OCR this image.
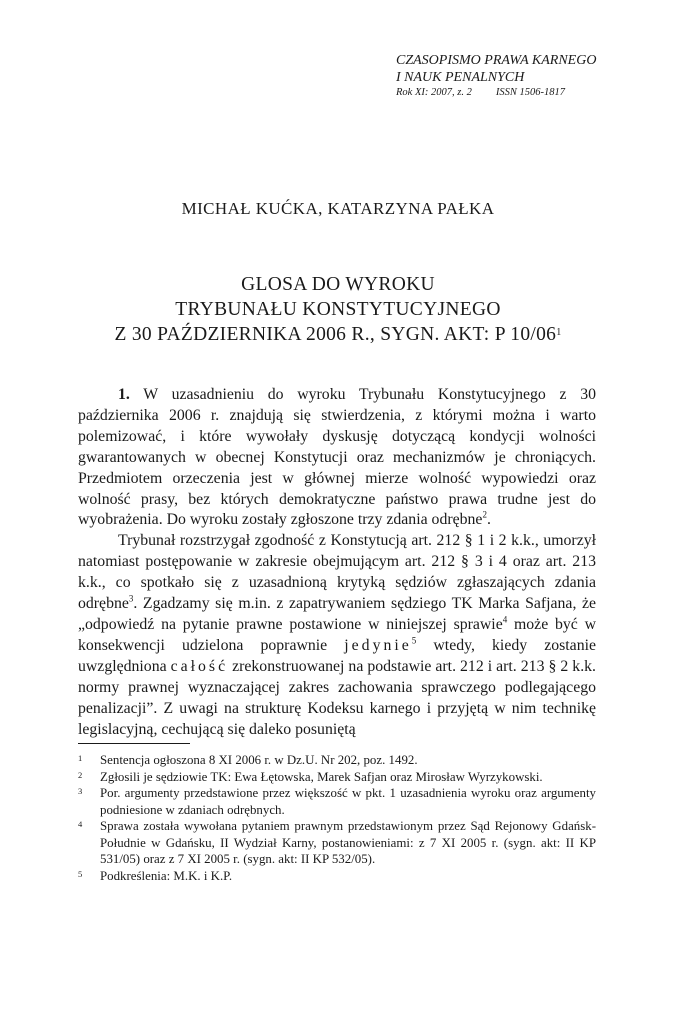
CZASOPISMO PRAWA KARNEGO
I NAUK PENALNYCH
Rok XI: 2007, z. 2 ISSN 1506-1817
MICHAŁ KUĆKA, KATARZYNA PAŁKA
GLOSA DO WYROKU
TRYBUNAŁU KONSTYTUCYJNEGO
Z 30 PAŹDZIERNIKA 2006 R., SYGN. AKT: P $10/06^1$

1. W uzasadnieniu do wyroku Trybunału Konstytucyjnego z 30 października 2006 r. znajdują się stwierdzenia, z którymi można i warto polemizować, i które wywołały dyskusję dotyczącą kondycji wolności gwarantowanych w obecnej Konstytucji oraz mechanizmów je chroniących. Przedmiotem orzeczenia jest w głównej mierze wolność wypowiedzi oraz wolność prasy, bez których demokratyczne państwo prawa trudne jest do wyobrażenia. Do wyroku zostały zgłoszone trzy zdania odrębne$^2$.

Trybunał rozstrzygał zgodność z Konstytucją art. 212 § 1 i 2 k.k., umorzył natomiast postępowanie w zakresie obejmującym art. 212 § 3 i 4 oraz art. 213 k.k., co spotkało się z uzasadnioną krytyką sędziów zgłaszających zdania odrębne$^3$. Zgadzamy się m.in. z zapatrywaniem sędziego TK Marka Safjana, że „odpowiedź na pytanie prawne postawione w niniejszej sprawie$^4$ może być w konsekwencji udzielona poprawnie jedynie$^5$ wtedy, kiedy zostanie uwzględniona całość zrekonstruowanej na podstawie art. 212 i art. 213 § 2 k.k. normy prawnej wyznaczającej zakres zachowania sprawczego podlegającego penalizacji”. Z uwagi na strukturę Kodeksu karnego i przyjętą w nim technikę legislacyjną, cechującą się daleko posuniętą

1 Sentencja ogłoszona 8 XI 2006 r. w Dz.U. Nr 202, poz. 1492.
2 Zgłosili je sędziowie TK: Ewa Łętowska, Marek Safjan oraz Mirosław Wyrzykowski.
3 Por. argumenty przedstawione przez większość w pkt. 1 uzasadnienia wyroku oraz argumenty podniesione w zdaniach odrębnych.
4 Sprawa została wywołana pytaniem prawnym przedstawionym przez Sąd Rejonowy Gdańsk-Południe w Gdańsku, II Wydział Karny, postanowieniami: z 7 XI 2005 r. (sygn. akt: II KP 531/05) oraz z 7 XI 2005 r. (sygn. akt: II KP 532/05).
5 Podkreślenia: M.K. i K.P.
